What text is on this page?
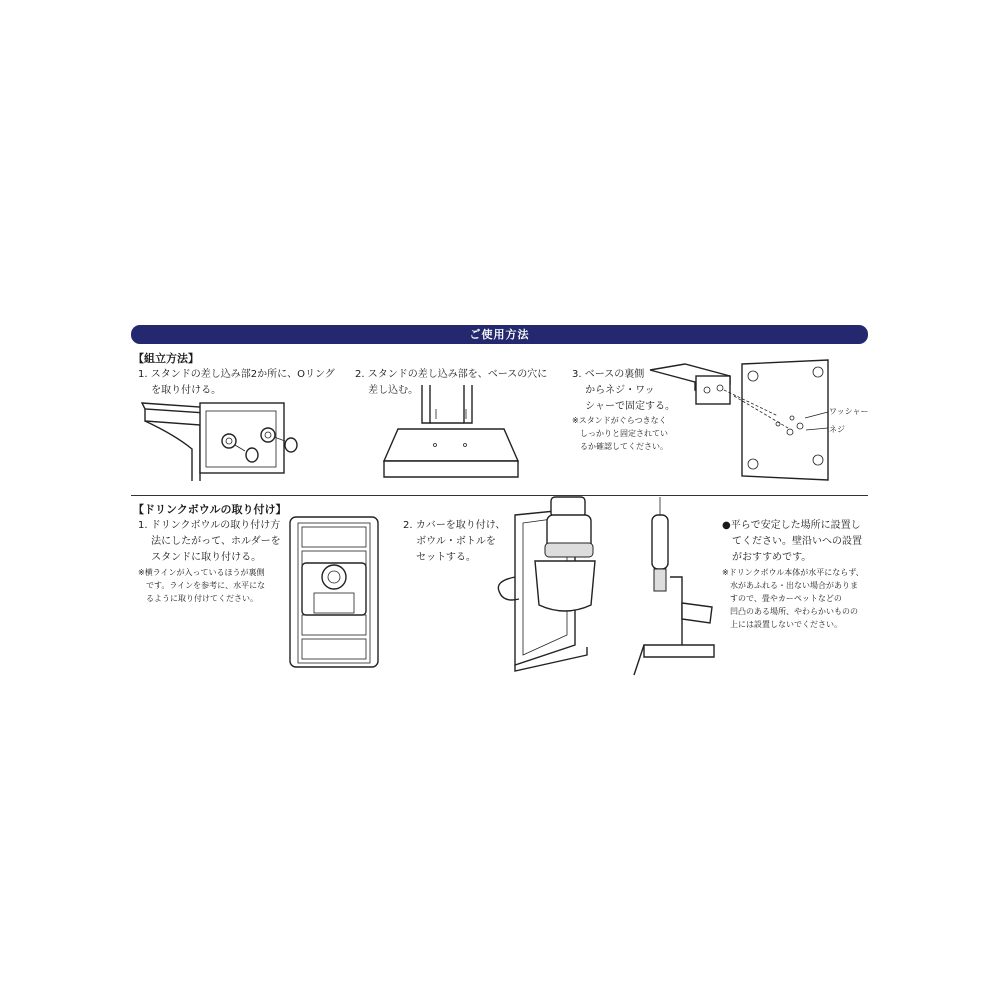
ご使用方法
【組立方法】
1. スタンドの差し込み部2か所に、Oリング
　 を取り付ける。
2. スタンドの差し込み部を、ベースの穴に
　 差し込む。
3. ベースの裏側
　 からネジ・ワッ
　 シャーで固定する。
※スタンドがぐらつきなく
　しっかりと固定されてい
　るか確認してください。
ワッシャー
ネジ
【ドリンクボウルの取り付け】
1. ドリンクボウルの取り付け方
　 法にしたがって、ホルダーを
　 スタンドに取り付ける。
※横ラインが入っているほうが裏側
　です。ラインを参考に、水平にな
　るように取り付けてください。
2. カバーを取り付け、
　 ボウル・ボトルを
　 セットする。
●平らで安定した場所に設置し
　てください。壁沿いへの設置
　がおすすめです。
※ドリンクボウル本体が水平にならず、
　水があふれる・出ない場合がありま
　すので、畳やカーペットなどの
　凹凸のある場所、やわらかいものの
　上には設置しないでください。
